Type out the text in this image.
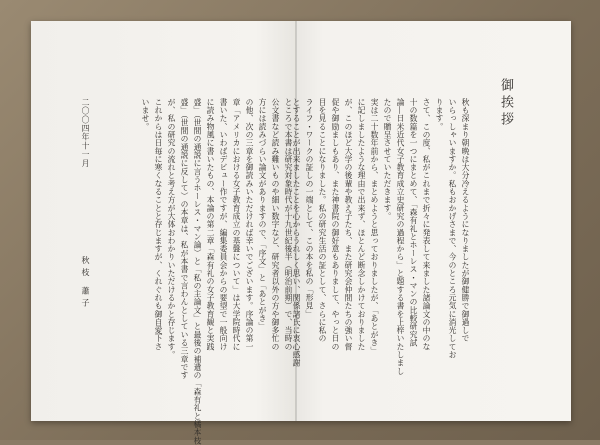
御挨拶
秋も深まり朝晩は大分冷えるようになりましたが御健勝で御過しで
いらっしゃいますか。私もおかげさまで、今のところ元気に消光してお
ります。
さて、この度、私がこれまで折々に発表して来ました諸論文の中のな
十の数篇を一つにまとめて、「森有礼とホーレス・マンの比較研究試
論―日米近代女子教育成立史研究の過程から」と題する書を上梓いたしまし
たので贈呈させていただきます。
実は二十数年前から、まとめようと思っておりましたが、「あとがき」
に記しましたような理由で出来ず、ほとんど断念しかけておりました
が、このほど大学の後輩や教え子たち、また研究会仲間たちの強い督
促や御励ましもあり、また神書院の御好意もありまして、やっと日の
目を見ることになりました。私の研究生活の証として、さらに私の
ライフ・ワークの証しの一端として、この本を私の「形見」
とすることが出来ましたことを心からうれしく思い、関係諸氏に衷心感謝
ところで本書は研究対象時代が十九世紀後半（明治前期）で、当時の
公文書など読み難いものや細い数字など、研究者以外の方や御多忙の
方には読みづらい論文がありますので、「序文」と「あとがき」
の他、次の三章を御読みいただければ幸いでございます。序論の第一
章「アメリカにおける女子教育成立の基盤について」は大学院時代に
書いた、いわばデビュー作ですが、編集委員会からの要望で一般向け
に読み物風に書いたもの、本論の第二章「森有礼の女子教育観と実践
盛」（世間の通説に言うホーレス・マン論）と「私の主論文」と最後の補遺の「森有礼と橘本枝
盛」（世間の通説に反して）の本章は、私が本書で言わんとしている三章です
が、私の研究の流れと考え方が大体おわかりいただけるかと存じます。
これからは日毎に寒くなることと存じますが、くれぐれも御自愛下さ
いませ。
二〇〇四年十一月
秋枝 蕭子
